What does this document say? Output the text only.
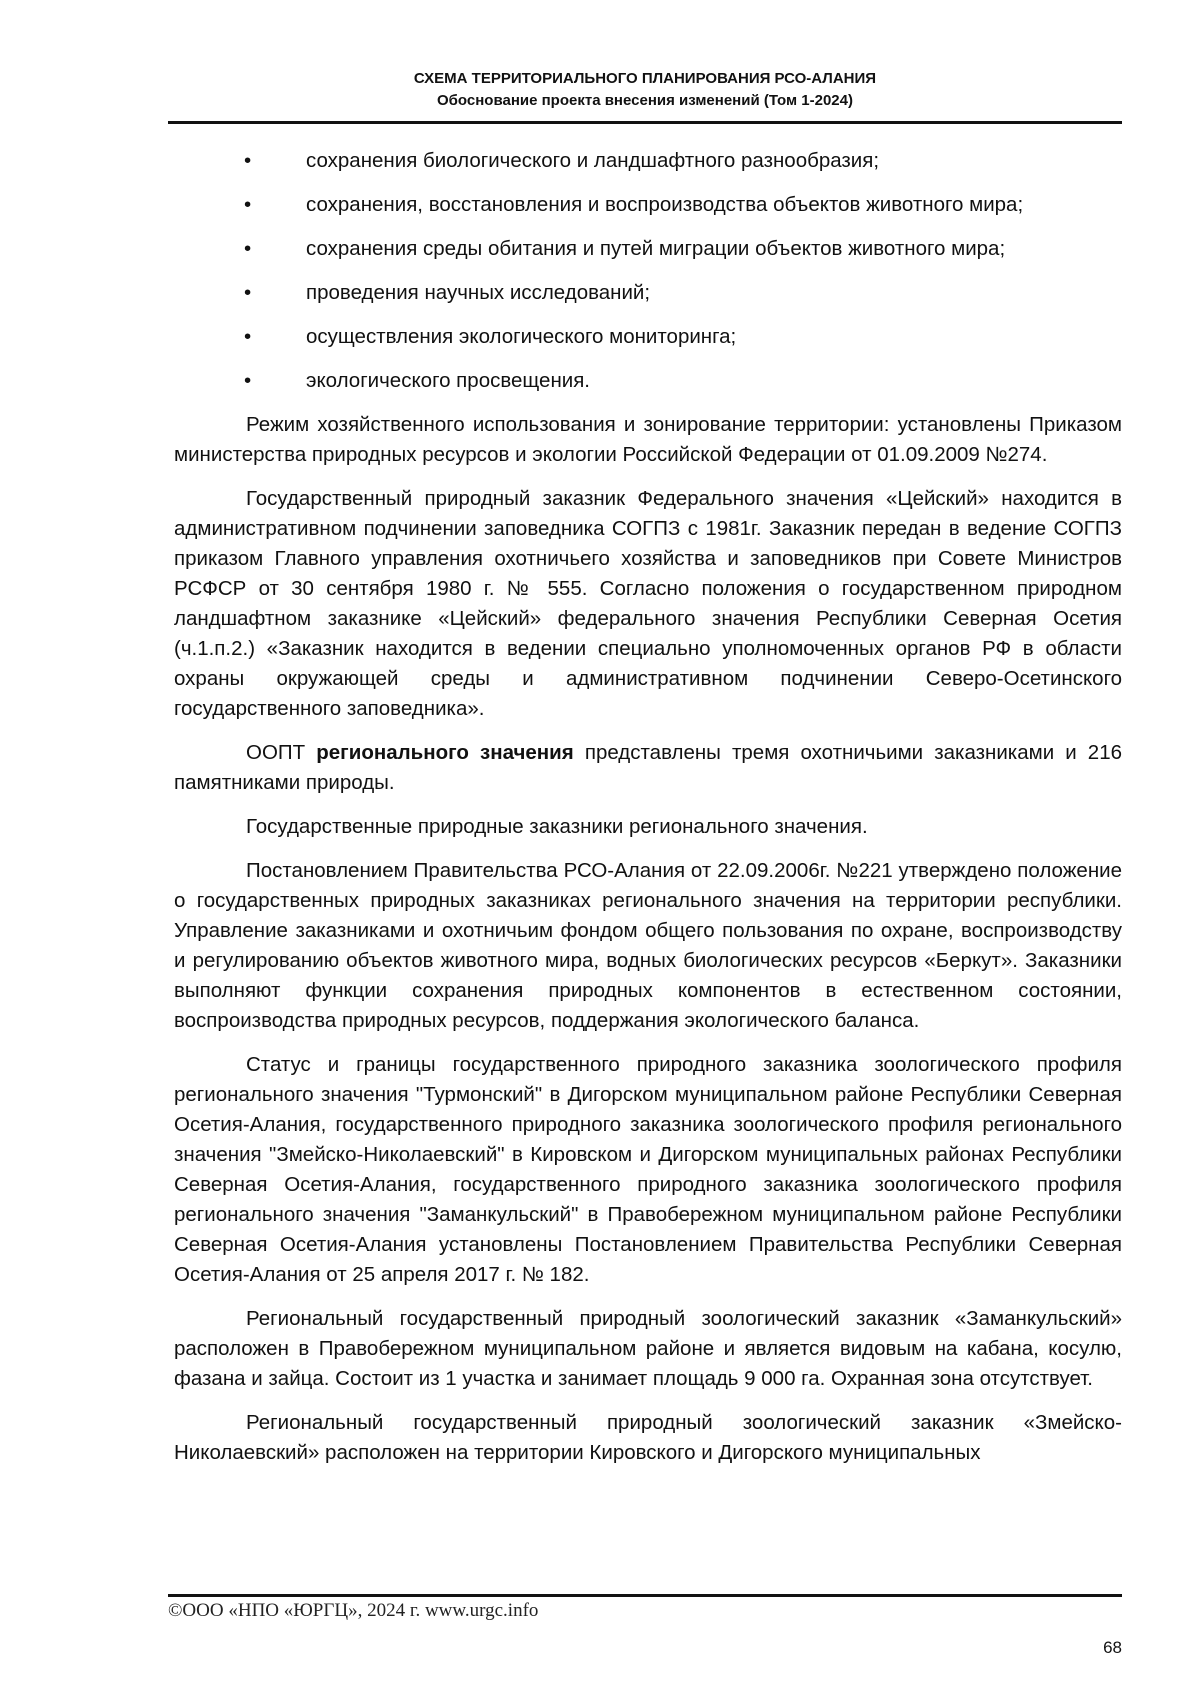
СХЕМА ТЕРРИТОРИАЛЬНОГО ПЛАНИРОВАНИЯ РСО-АЛАНИЯ
Обоснование проекта внесения изменений (Том 1-2024)
•	сохранения биологического и ландшафтного разнообразия;
•	сохранения, восстановления и воспроизводства объектов животного мира;
•	сохранения среды обитания и путей миграции объектов животного мира;
•	проведения научных исследований;
•	осуществления экологического мониторинга;
•	экологического просвещения.

Режим хозяйственного использования и зонирование территории: установлены Приказом министерства природных ресурсов и экологии Российской Федерации от 01.09.2009 №274.

Государственный природный заказник Федерального значения «Цейский» находится в административном подчинении заповедника СОГПЗ с 1981г. Заказник передан в ведение СОГПЗ приказом Главного управления охотничьего хозяйства и заповедников при Совете Министров РСФСР от 30 сентября 1980 г. № 555. Согласно положения о государственном природном ландшафтном заказнике «Цейский» федерального значения Республики Северная Осетия (ч.1.п.2.) «Заказник находится в ведении специально уполномоченных органов РФ в области охраны окружающей среды и административном подчинении Северо-Осетинского государственного заповедника».

ООПТ регионального значения представлены тремя охотничьими заказниками и 216 памятниками природы.

Государственные природные заказники регионального значения.

Постановлением Правительства РСО-Алания от 22.09.2006г. №221 утверждено положение о государственных природных заказниках регионального значения на территории республики. Управление заказниками и охотничьим фондом общего пользования по охране, воспроизводству и регулированию объектов животного мира, водных биологических ресурсов «Беркут». Заказники выполняют функции сохранения природных компонентов в естественном состоянии, воспроизводства природных ресурсов, поддержания экологического баланса.

Статус и границы государственного природного заказника зоологического профиля регионального значения "Турмонский" в Дигорском муниципальном районе Республики Северная Осетия-Алания, государственного природного заказника зоологического профиля регионального значения "Змейско-Николаевский" в Кировском и Дигорском муниципальных районах Республики Северная Осетия-Алания, государственного природного заказника зоологического профиля регионального значения "Заманкульский" в Правобережном муниципальном районе Республики Северная Осетия-Алания установлены Постановлением Правительства Республики Северная Осетия-Алания от 25 апреля 2017 г. № 182.

Региональный государственный природный зоологический заказник «Заманкульский» расположен в Правобережном муниципальном районе и является видовым на кабана, косулю, фазана и зайца. Состоит из 1 участка и занимает площадь 9 000 га. Охранная зона отсутствует.

Региональный государственный природный зоологический заказник «Змейско-Николаевский» расположен на территории Кировского и Дигорского муниципальных

©ООО «НПО «ЮРГЦ», 2024 г. www.urgc.info
68
